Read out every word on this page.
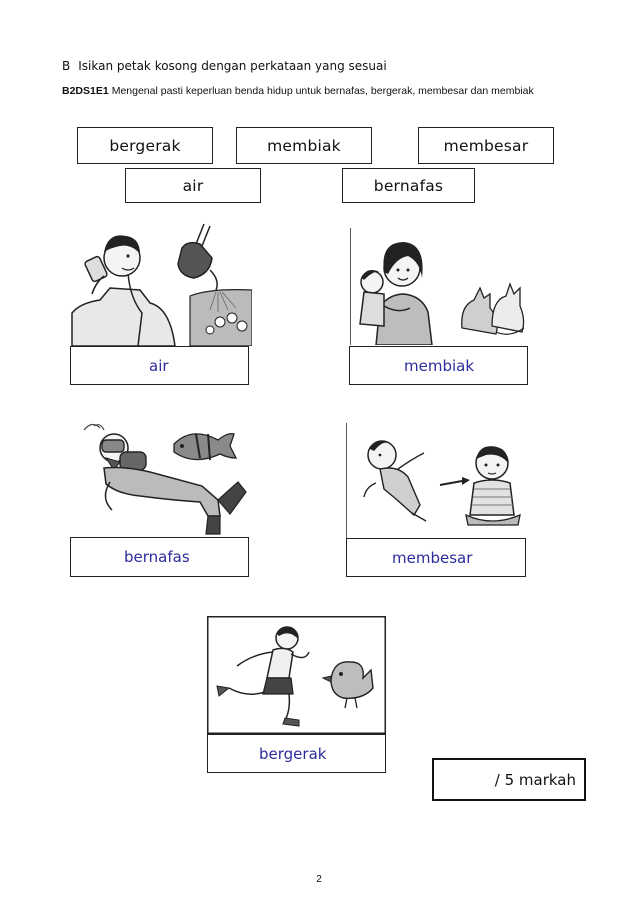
B Isikan petak kosong dengan perkataan yang sesuai
B2DS1E1 Mengenal pasti keperluan benda hidup untuk bernafas, bergerak, membesar dan membiak
bergerak	membiak	membesar
air	bernafas
air	membiak
bernafas	membesar
bergerak
/ 5 markah
2
